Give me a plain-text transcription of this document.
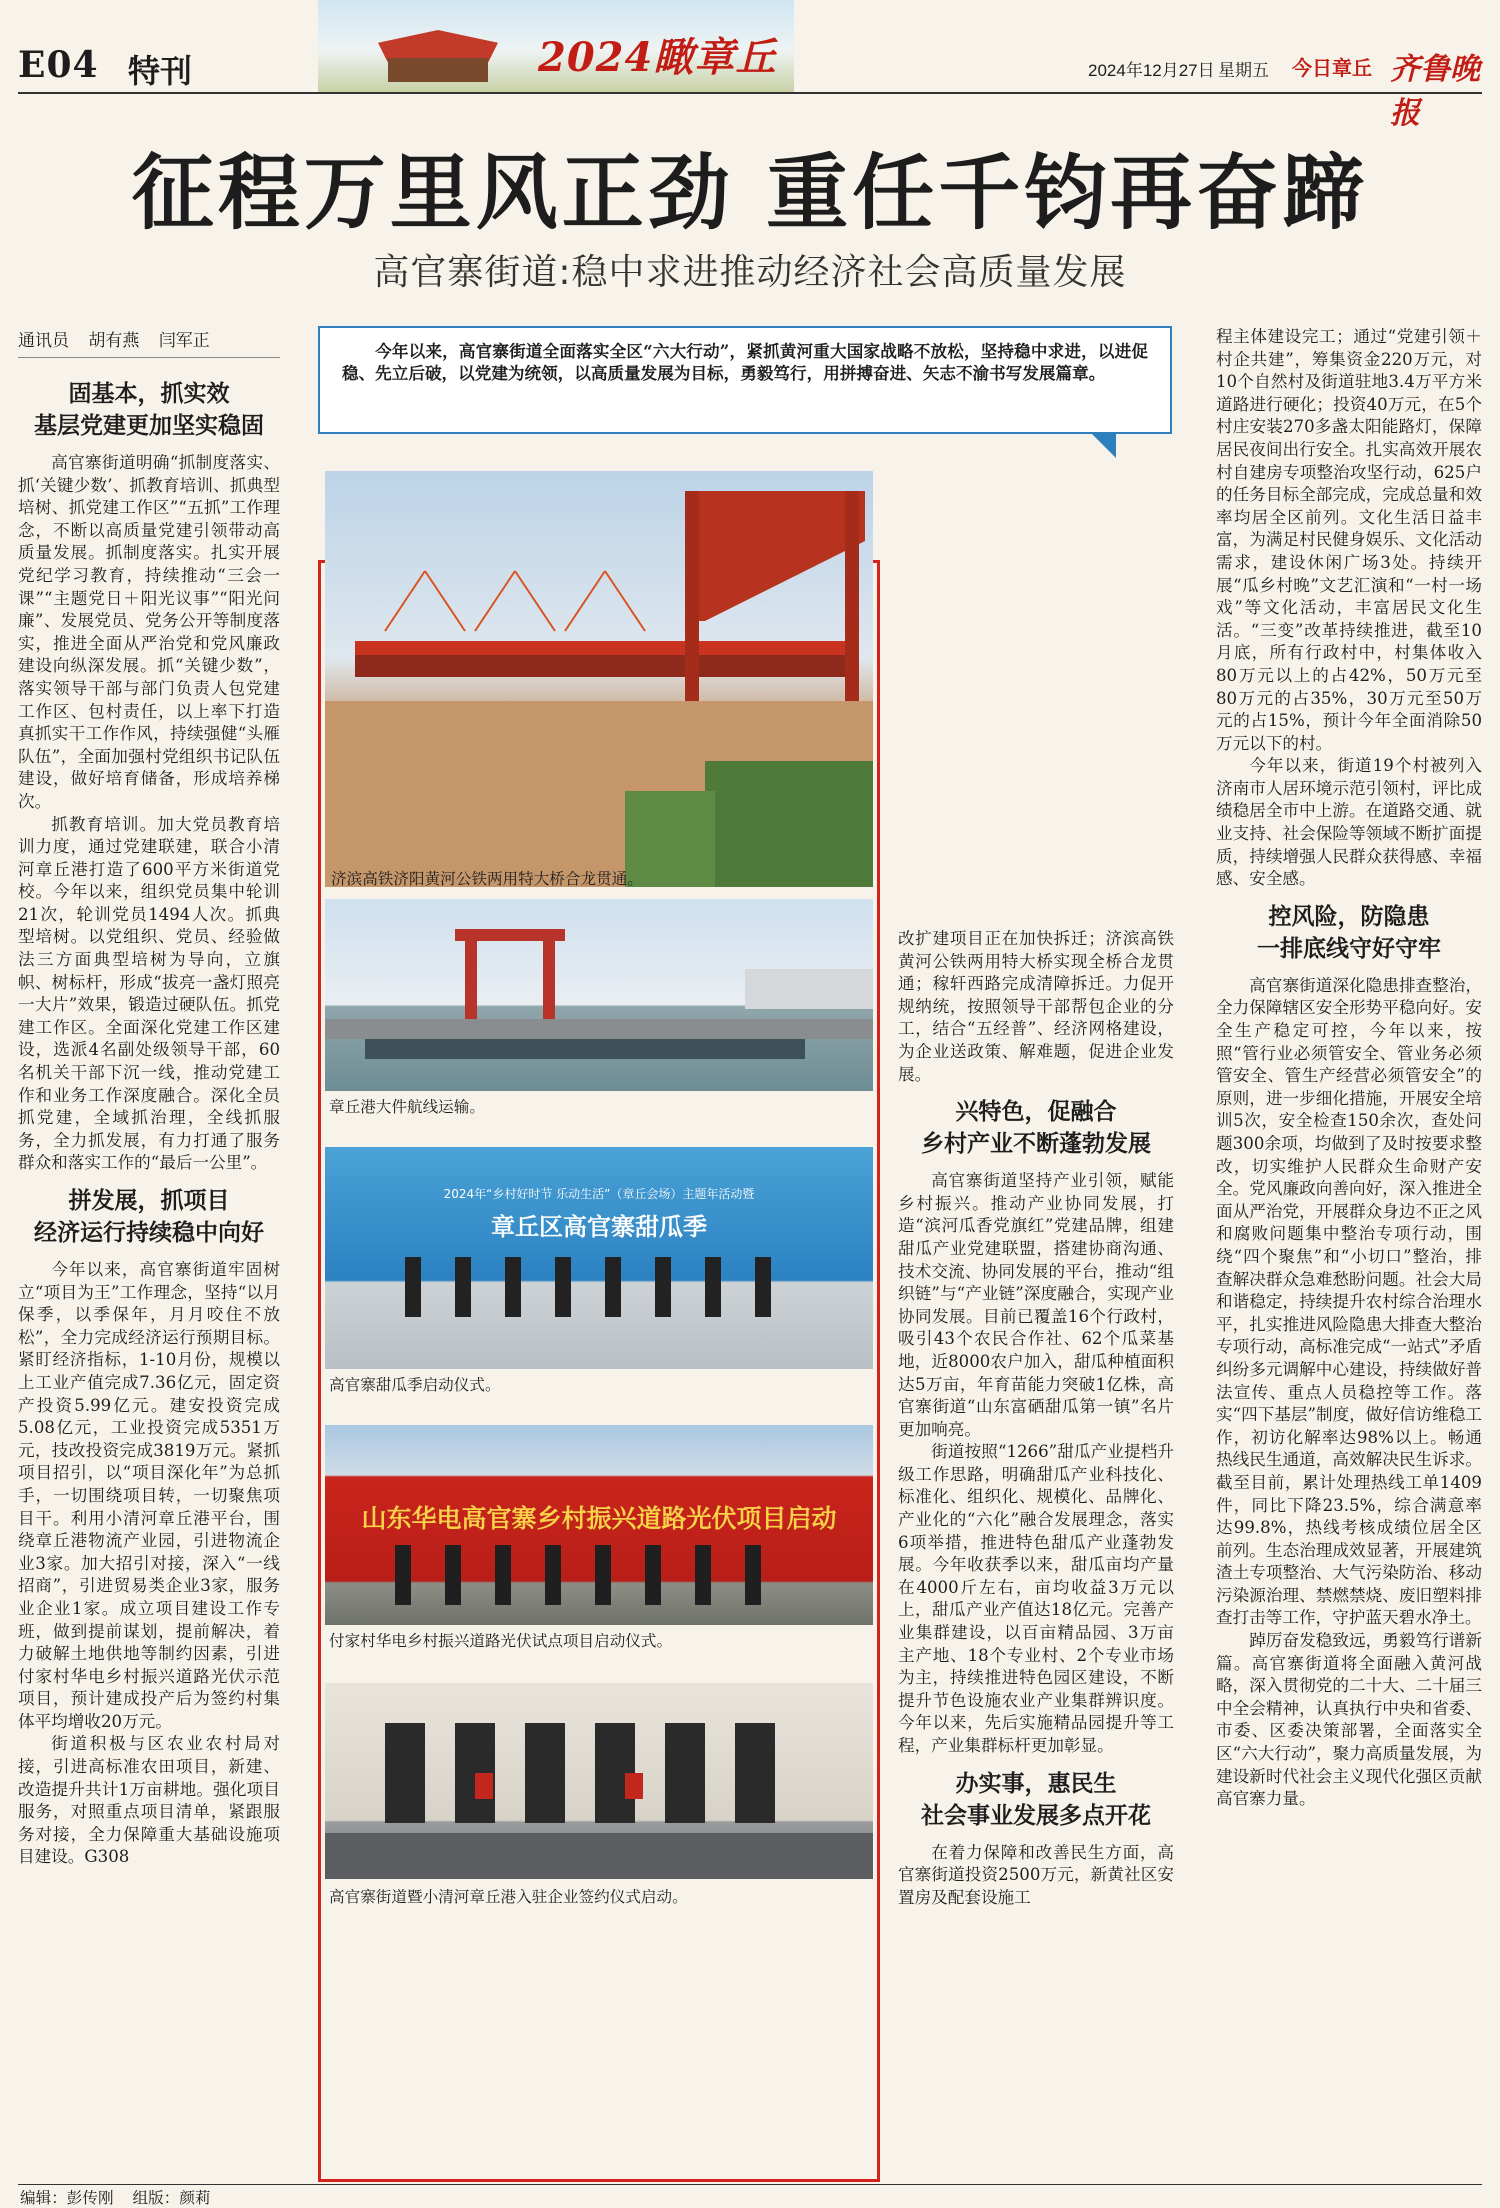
E04 特刊	2024瞰章丘	2024年12月27日 星期五 今日章丘 齐鲁晚报
征程万里风正劲 重任千钧再奋蹄
高官寨街道:稳中求进推动经济社会高质量发展
通讯员 胡有燕 闫军正	今年以来，高官寨街道全面落实全区“六大行动”，紧抓黄河重大国家战略不放松，坚持稳中求进，以进促稳、先立后破，以党建为统领，以高质量发展为目标，勇毅笃行，用拼搏奋进、矢志不渝书写发展篇章。

固基本，抓实效
基层党建更加坚实稳固

高官寨街道明确“抓制度落实、抓‘关键少数’、抓教育培训、抓典型培树、抓党建工作区”“五抓”工作理念，不断以高质量党建引领带动高质量发展。抓制度落实。扎实开展党纪学习教育，持续推动“三会一课”“主题党日＋阳光议事”“阳光问廉”、发展党员、党务公开等制度落实，推进全面从严治党和党风廉政建设向纵深发展。抓“关键少数”，落实领导干部与部门负责人包党建工作区、包村责任，以上率下打造真抓实干工作作风，持续强健“头雁队伍”，全面加强村党组织书记队伍建设，做好培育储备，形成培养梯次。

抓教育培训。加大党员教育培训力度，通过党建联建，联合小清河章丘港打造了600平方米街道党校。今年以来，组织党员集中轮训21次，轮训党员1494人次。抓典型培树。以党组织、党员、经验做法三方面典型培树为导向，立旗帜、树标杆，形成“拔亮一盏灯照亮一大片”效果，锻造过硬队伍。抓党建工作区。全面深化党建工作区建设，选派4名副处级领导干部，60名机关干部下沉一线，推动党建工作和业务工作深度融合。深化全员抓党建，全域抓治理，全线抓服务，全力抓发展，有力打通了服务群众和落实工作的“最后一公里”。

拼发展，抓项目
经济运行持续稳中向好

今年以来，高官寨街道牢固树立“项目为王”工作理念，坚持“以月保季，以季保年，月月咬住不放松”，全力完成经济运行预期目标。紧盯经济指标，1-10月份，规模以上工业产值完成7.36亿元，固定资产投资5.99亿元。建安投资完成5.08亿元，工业投资完成5351万元，技改投资完成3819万元。紧抓项目招引，以“项目深化年”为总抓手，一切围绕项目转，一切聚焦项目干。利用小清河章丘港平台，围绕章丘港物流产业园，引进物流企业3家。加大招引对接，深入“一线招商”，引进贸易类企业3家，服务业企业1家。成立项目建设工作专班，做到提前谋划，提前解决，着力破解土地供地等制约因素，引进付家村华电乡村振兴道路光伏示范项目，预计建成投产后为签约村集体平均增收20万元。

街道积极与区农业农村局对接，引进高标准农田项目，新建、改造提升共计1万亩耕地。强化项目服务，对照重点项目清单，紧跟服务对接，全力保障重大基础设施项目建设。G308

济滨高铁济阳黄河公铁两用特大桥合龙贯通。
章丘港大件航线运输。
2024年“乡村好时节 乐动生活”（章丘会场）主题年活动暨
章丘区高官寨甜瓜季
高官寨甜瓜季启动仪式。
山东华电高官寨乡村振兴道路光伏项目启动
付家村华电乡村振兴道路光伏试点项目启动仪式。
高官寨街道暨小清河章丘港入驻企业签约仪式启动。

改扩建项目正在加快拆迁；济滨高铁黄河公铁两用特大桥实现全桥合龙贯通；稼轩西路完成清障拆迁。力促开规纳统，按照领导干部帮包企业的分工，结合“五经普”、经济网格建设，为企业送政策、解难题，促进企业发展。

兴特色，促融合
乡村产业不断蓬勃发展

高官寨街道坚持产业引领，赋能乡村振兴。推动产业协同发展，打造“滨河瓜香党旗红”党建品牌，组建甜瓜产业党建联盟，搭建协商沟通、技术交流、协同发展的平台，推动“组织链”与“产业链”深度融合，实现产业协同发展。目前已覆盖16个行政村，吸引43个农民合作社、62个瓜菜基地，近8000农户加入，甜瓜种植面积达5万亩，年育苗能力突破1亿株，高官寨街道“山东富硒甜瓜第一镇”名片更加响亮。

街道按照“1266”甜瓜产业提档升级工作思路，明确甜瓜产业科技化、标准化、组织化、规模化、品牌化、产业化的“六化”融合发展理念，落实6项举措，推进特色甜瓜产业蓬勃发展。今年收获季以来，甜瓜亩均产量在4000斤左右，亩均收益3万元以上，甜瓜产业产值达18亿元。完善产业集群建设，以百亩精品园、3万亩主产地、18个专业村、2个专业市场为主，持续推进特色园区建设，不断提升节色设施农业产业集群辨识度。今年以来，先后实施精品园提升等工程，产业集群标杆更加彰显。

办实事，惠民生
社会事业发展多点开花

在着力保障和改善民生方面，高官寨街道投资2500万元，新黄社区安置房及配套设施工

程主体建设完工；通过“党建引领＋村企共建”，筹集资金220万元，对10个自然村及街道驻地3.4万平方米道路进行硬化；投资40万元，在5个村庄安装270多盏太阳能路灯，保障居民夜间出行安全。扎实高效开展农村自建房专项整治攻坚行动，625户的任务目标全部完成，完成总量和效率均居全区前列。文化生活日益丰富，为满足村民健身娱乐、文化活动需求，建设休闲广场3处。持续开展“瓜乡村晚”文艺汇演和“一村一场戏”等文化活动，丰富居民文化生活。“三变”改革持续推进，截至10月底，所有行政村中，村集体收入80万元以上的占42%，50万元至80万元的占35%，30万元至50万元的占15%，预计今年全面消除50万元以下的村。

今年以来，街道19个村被列入济南市人居环境示范引领村，评比成绩稳居全市中上游。在道路交通、就业支持、社会保险等领域不断扩面提质，持续增强人民群众获得感、幸福感、安全感。

控风险，防隐患
一排底线守好守牢

高官寨街道深化隐患排查整治，全力保障辖区安全形势平稳向好。安全生产稳定可控，今年以来，按照“管行业必须管安全、管业务必须管安全、管生产经营必须管安全”的原则，进一步细化措施，开展安全培训5次，安全检查150余次，查处问题300余项，均做到了及时按要求整改，切实维护人民群众生命财产安全。党风廉政向善向好，深入推进全面从严治党，开展群众身边不正之风和腐败问题集中整治专项行动，围绕“四个聚焦”和“小切口”整治，排查解决群众急难愁盼问题。社会大局和谐稳定，持续提升农村综合治理水平，扎实推进风险隐患大排查大整治专项行动，高标准完成“一站式”矛盾纠纷多元调解中心建设，持续做好普法宣传、重点人员稳控等工作。落实“四下基层”制度，做好信访维稳工作，初访化解率达98%以上。畅通热线民生通道，高效解决民生诉求。截至目前，累计处理热线工单1409件，同比下降23.5%，综合满意率达99.8%，热线考核成绩位居全区前列。生态治理成效显著，开展建筑渣土专项整治、大气污染防治、移动污染源治理、禁燃禁烧、废旧塑料排查打击等工作，守护蓝天碧水净土。

踔厉奋发稳致远，勇毅笃行谱新篇。高官寨街道将全面融入黄河战略，深入贯彻党的二十大、二十届三中全会精神，认真执行中央和省委、市委、区委决策部署，全面落实全区“六大行动”，聚力高质量发展，为建设新时代社会主义现代化强区贡献高官寨力量。

编辑：彭传刚 组版：颜莉
